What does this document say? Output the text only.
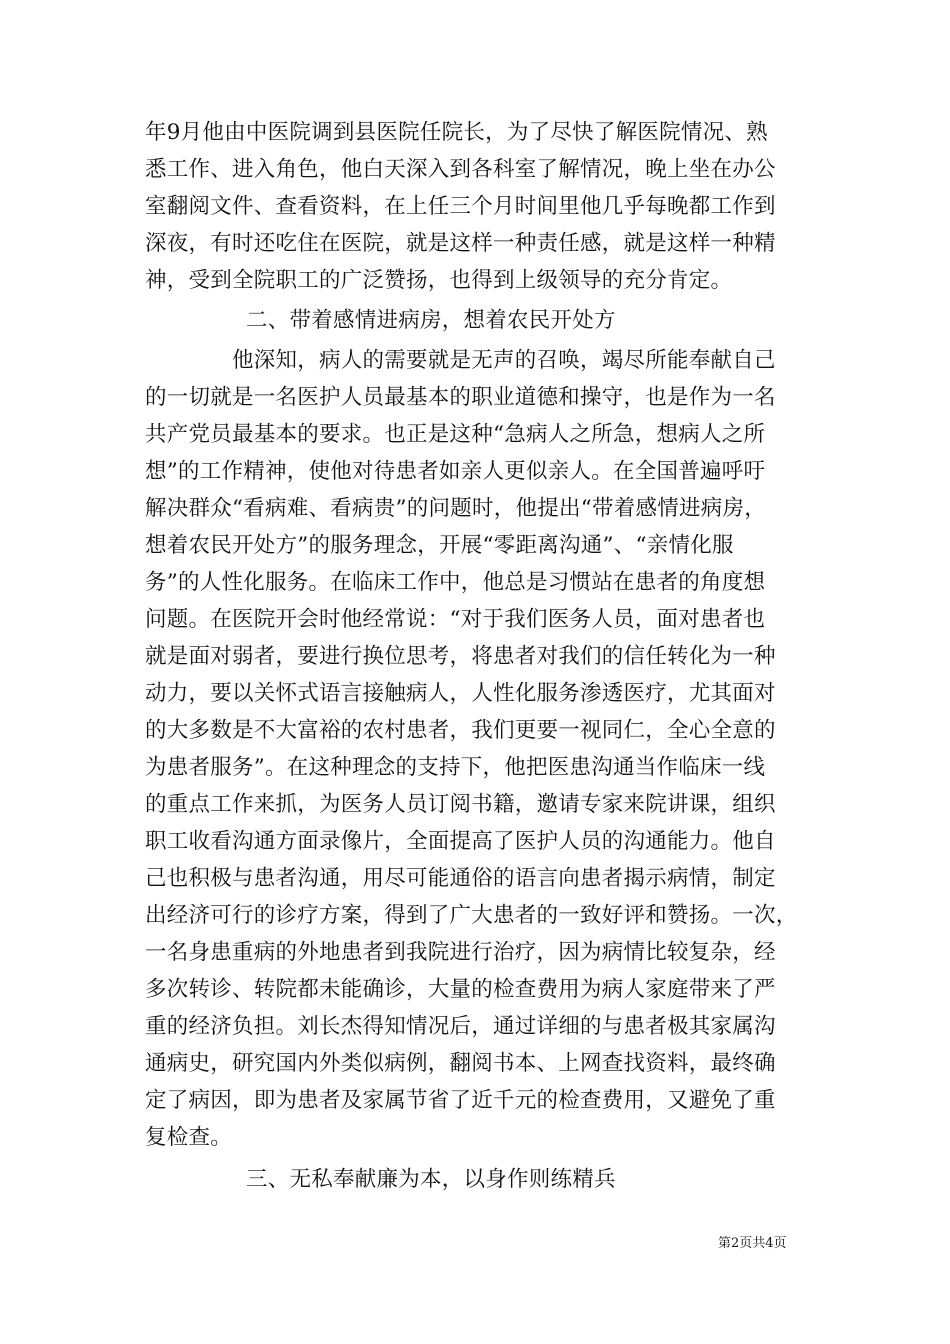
年9月他由中医院调到县医院任院长，为了尽快了解医院情况、熟
悉工作、进入角色，他白天深入到各科室了解情况，晚上坐在办公
室翻阅文件、查看资料，在上任三个月时间里他几乎每晚都工作到
深夜，有时还吃住在医院，就是这样一种责任感，就是这样一种精
神，受到全院职工的广泛赞扬，也得到上级领导的充分肯定。
二、带着感情进病房，想着农民开处方
他深知，病人的需要就是无声的召唤，竭尽所能奉献自己
的一切就是一名医护人员最基本的职业道德和操守，也是作为一名
共产党员最基本的要求。也正是这种“急病人之所急，想病人之所
想”的工作精神，使他对待患者如亲人更似亲人。在全国普遍呼吁
解决群众“看病难、看病贵”的问题时，他提出“带着感情进病房，
想着农民开处方”的服务理念，开展“零距离沟通”、“亲情化服
务”的人性化服务。在临床工作中，他总是习惯站在患者的角度想
问题。在医院开会时他经常说：“对于我们医务人员，面对患者也
就是面对弱者，要进行换位思考，将患者对我们的信任转化为一种
动力，要以关怀式语言接触病人，人性化服务渗透医疗，尤其面对
的大多数是不大富裕的农村患者，我们更要一视同仁，全心全意的
为患者服务”。在这种理念的支持下，他把医患沟通当作临床一线
的重点工作来抓，为医务人员订阅书籍，邀请专家来院讲课，组织
职工收看沟通方面录像片，全面提高了医护人员的沟通能力。他自
己也积极与患者沟通，用尽可能通俗的语言向患者揭示病情，制定
出经济可行的诊疗方案，得到了广大患者的一致好评和赞扬。一次，
一名身患重病的外地患者到我院进行治疗，因为病情比较复杂，经
多次转诊、转院都未能确诊，大量的检查费用为病人家庭带来了严
重的经济负担。刘长杰得知情况后，通过详细的与患者极其家属沟
通病史，研究国内外类似病例，翻阅书本、上网查找资料，最终确
定了病因，即为患者及家属节省了近千元的检查费用，又避免了重
复检查。
三、无私奉献廉为本，以身作则练精兵
第2页共4页
